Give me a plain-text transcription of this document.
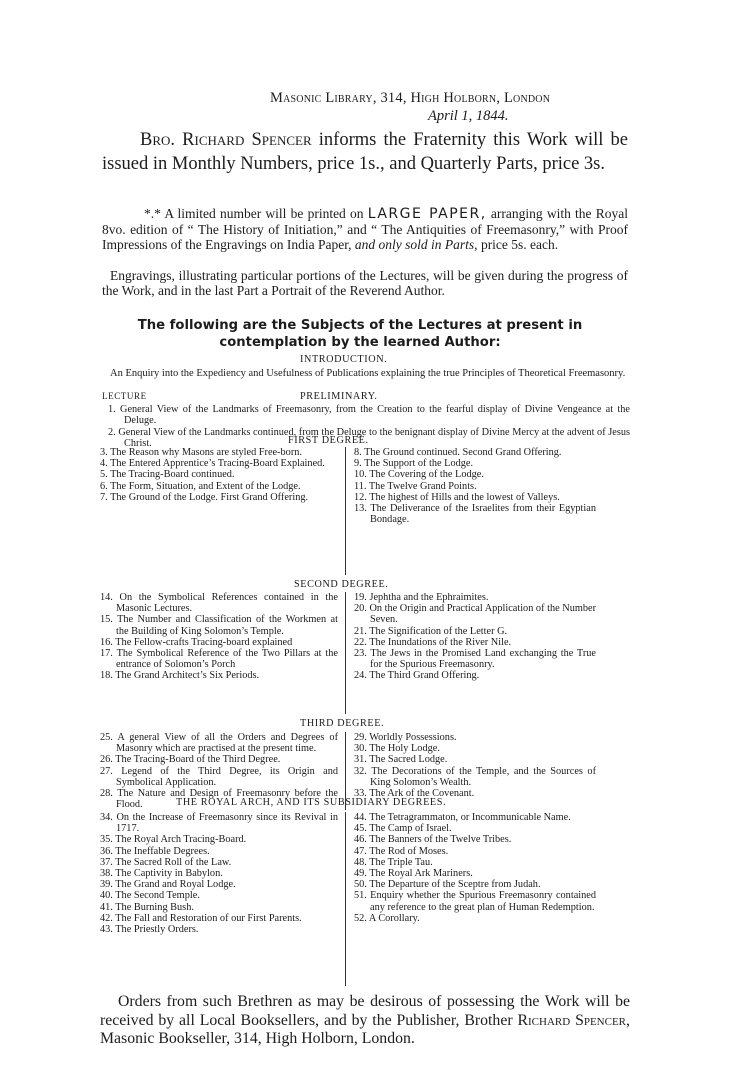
Masonic Library, 314, High Holborn, London
April 1, 1844.
Bro. Richard Spencer informs the Fraternity this Work will be issued in Monthly Numbers, price 1s., and Quarterly Parts, price 3s.
*.* A limited number will be printed on LARGE PAPER, arranging with the Royal 8vo. edition of “ The History of Initiation,” and “ The Antiquities of Freemasonry,” with Proof Impressions of the Engravings on India Paper, and only sold in Parts, price 5s. each.
Engravings, illustrating particular portions of the Lectures, will be given during the progress of the Work, and in the last Part a Portrait of the Reverend Author.
The following are the Subjects of the Lectures at present in
contemplation by the learned Author:
INTRODUCTION.
An Enquiry into the Expediency and Usefulness of Publications explaining the true Principles of Theoretical Freemasonry.
LECTURE	PRELIMINARY.
1. General View of the Landmarks of Freemasonry, from the Creation to the fearful display of Divine Vengeance at the Deluge.
2. General View of the Landmarks continued, from the Deluge to the benignant display of Divine Mercy at the advent of Jesus Christ.	FIRST DEGREE.
3. The Reason why Masons are styled Free-born.
4. The Entered Apprentice’s Tracing-Board Explained.
5. The Tracing-Board continued.
6. The Form, Situation, and Extent of the Lodge.
7. The Ground of the Lodge. First Grand Offering.
8. The Ground continued. Second Grand Offering.
9. The Support of the Lodge.
10. The Covering of the Lodge.
11. The Twelve Grand Points.
12. The highest of Hills and the lowest of Valleys.
13. The Deliverance of the Israelites from their Egyptian Bondage.
SECOND DEGREE.
14. On the Symbolical References contained in the Masonic Lectures.
15. The Number and Classification of the Workmen at the Building of King Solomon’s Temple.
16. The Fellow-crafts Tracing-board explained
17. The Symbolical Reference of the Two Pillars at the entrance of Solomon’s Porch
18. The Grand Architect’s Six Periods.
19. Jephtha and the Ephraimites.
20. On the Origin and Practical Application of the Number Seven.
21. The Signification of the Letter G.
22. The Inundations of the River Nile.
23. The Jews in the Promised Land exchanging the True for the Spurious Freemasonry.
24. The Third Grand Offering.
THIRD DEGREE.
25. A general View of all the Orders and Degrees of Masonry which are practised at the present time.
26. The Tracing-Board of the Third Degree.
27. Legend of the Third Degree, its Origin and Symbolical Application.
28. The Nature and Design of Freemasonry before the Flood.
29. Worldly Possessions.
30. The Holy Lodge.
31. The Sacred Lodge.
32. The Decorations of the Temple, and the Sources of King Solomon’s Wealth.
33. The Ark of the Covenant.
THE ROYAL ARCH, AND ITS SUBSIDIARY DEGREES.
34. On the Increase of Freemasonry since its Revival in 1717.
35. The Royal Arch Tracing-Board.
36. The Ineffable Degrees.
37. The Sacred Roll of the Law.
38. The Captivity in Babylon.
39. The Grand and Royal Lodge.
40. The Second Temple.
41. The Burning Bush.
42. The Fall and Restoration of our First Parents.
43. The Priestly Orders.
44. The Tetragrammaton, or Incommunicable Name.
45. The Camp of Israel.
46. The Banners of the Twelve Tribes.
47. The Rod of Moses.
48. The Triple Tau.
49. The Royal Ark Mariners.
50. The Departure of the Sceptre from Judah.
51. Enquiry whether the Spurious Freemasonry contained any reference to the great plan of Human Redemption.
52. A Corollary.
Orders from such Brethren as may be desirous of possessing the Work will be received by all Local Booksellers, and by the Publisher, Brother Richard Spencer, Masonic Bookseller, 314, High Holborn, London.
